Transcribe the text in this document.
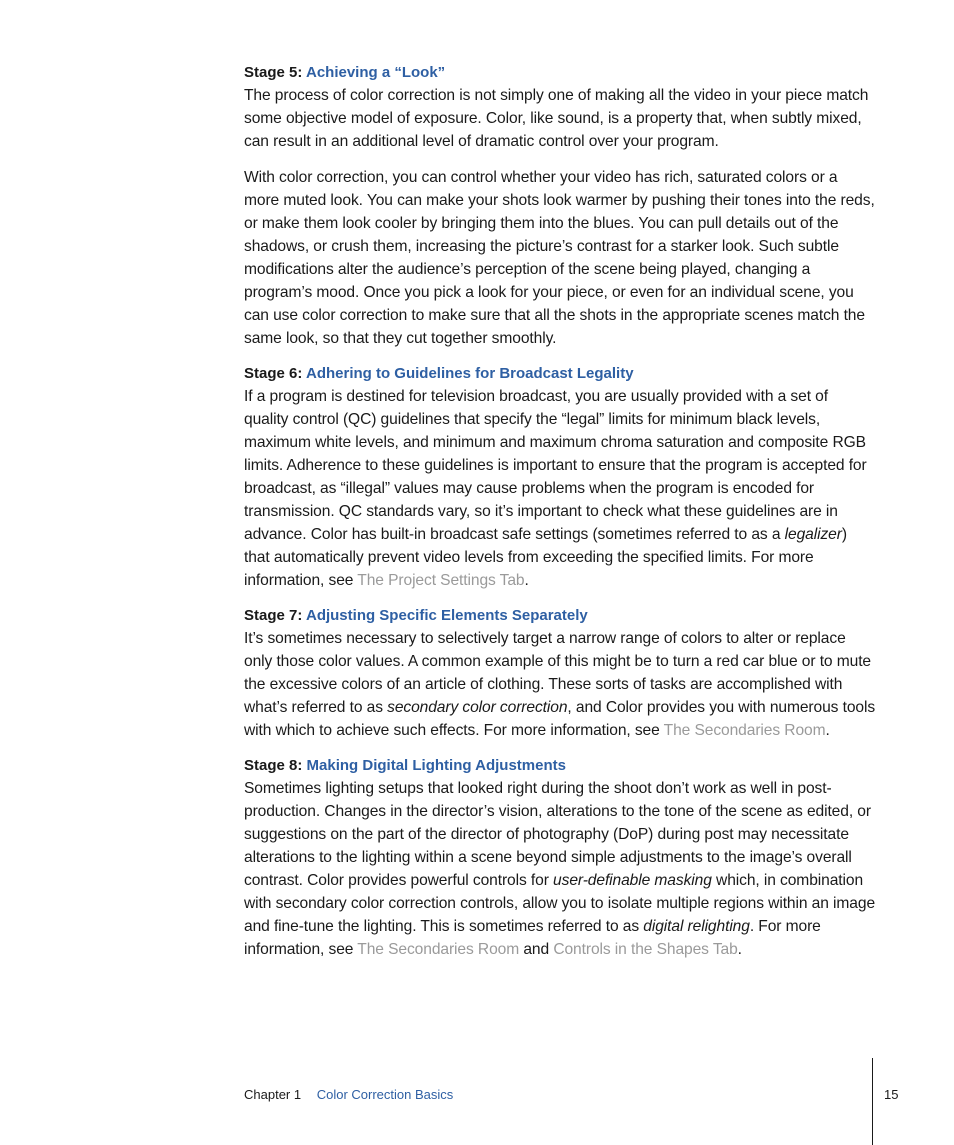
Stage 5: Achieving a “Look”

The process of color correction is not simply one of making all the video in your piece match some objective model of exposure. Color, like sound, is a property that, when subtly mixed, can result in an additional level of dramatic control over your program.

With color correction, you can control whether your video has rich, saturated colors or a more muted look. You can make your shots look warmer by pushing their tones into the reds, or make them look cooler by bringing them into the blues. You can pull details out of the shadows, or crush them, increasing the picture’s contrast for a starker look. Such subtle modifications alter the audience’s perception of the scene being played, changing a program’s mood. Once you pick a look for your piece, or even for an individual scene, you can use color correction to make sure that all the shots in the appropriate scenes match the same look, so that they cut together smoothly.

Stage 6: Adhering to Guidelines for Broadcast Legality

If a program is destined for television broadcast, you are usually provided with a set of quality control (QC) guidelines that specify the “legal” limits for minimum black levels, maximum white levels, and minimum and maximum chroma saturation and composite RGB limits. Adherence to these guidelines is important to ensure that the program is accepted for broadcast, as “illegal” values may cause problems when the program is encoded for transmission. QC standards vary, so it’s important to check what these guidelines are in advance. Color has built-in broadcast safe settings (sometimes referred to as a legalizer) that automatically prevent video levels from exceeding the specified limits. For more information, see The Project Settings Tab.

Stage 7: Adjusting Specific Elements Separately

It’s sometimes necessary to selectively target a narrow range of colors to alter or replace only those color values. A common example of this might be to turn a red car blue or to mute the excessive colors of an article of clothing. These sorts of tasks are accomplished with what’s referred to as secondary color correction, and Color provides you with numerous tools with which to achieve such effects. For more information, see The Secondaries Room.

Stage 8: Making Digital Lighting Adjustments

Sometimes lighting setups that looked right during the shoot don’t work as well in post-production. Changes in the director’s vision, alterations to the tone of the scene as edited, or suggestions on the part of the director of photography (DoP) during post may necessitate alterations to the lighting within a scene beyond simple adjustments to the image’s overall contrast. Color provides powerful controls for user-definable masking which, in combination with secondary color correction controls, allow you to isolate multiple regions within an image and fine-tune the lighting. This is sometimes referred to as digital relighting. For more information, see The Secondaries Room and Controls in the Shapes Tab.

Chapter 1 Color Correction Basics	15
